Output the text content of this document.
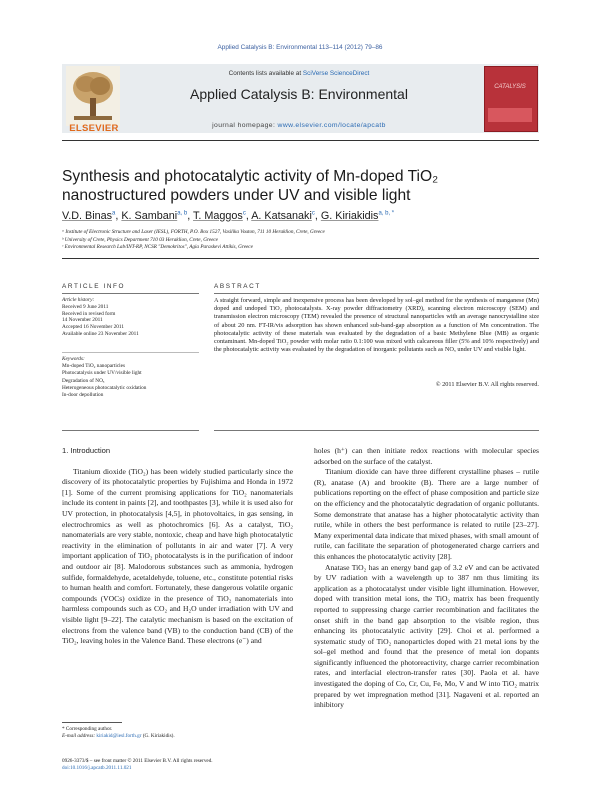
Applied Catalysis B: Environmental 113–114 (2012) 79–86
ELSEVIER
Contents lists available at SciVerse ScienceDirect
Applied Catalysis B: Environmental
journal homepage: www.elsevier.com/locate/apcatb
CATALYSIS
Synthesis and photocatalytic activity of Mn-doped TiO₂ nanostructured powders under UV and visible light
V.D. Binas$^a$, K. Sambani$^{a, b}$, T. Maggos$^c$, A. Katsanaki$^c$, G. Kiriakidis$^{a, b, *}$
ᵃ Institute of Electronic Structure and Laser (IESL), FORTH, P.O. Box 1527, Vasilika Vouton, 711 10 Heraklion, Crete, Greece
ᵇ University of Crete, Physics Department 710 03 Heraklion, Crete, Greece
ᶜ Environmental Research Lab/INT-RP, NCSR "Demokritos", Agia Paraskevi Attikis, Greece
ARTICLE INFO	ABSTRACT
Article history:
Received 9 June 2011
Received in revised form
14 November 2011
Accepted 16 November 2011
Available online 23 November 2011
Keywords:
Mn-doped TiO₂ nanoparticles
Photocatalysis under UV/visible light
Degradation of NOₓ
Heterogeneous photocatalytic oxidation
In-door depollution
A straight forward, simple and inexpensive process has been developed by sol–gel method for the synthesis of manganese (Mn) doped and undoped TiO₂ photocatalysts. X-ray powder diffractometry (XRD), scanning electron microscopy (SEM) and transmission electron microscopy (TEM) revealed the presence of structural nanoparticles with an average nanocrystalline size of about 20 nm. FT-IR/vis adsorption has shown enhanced sub-band-gap absorption as a function of Mn concentration. The photocatalytic activity of these materials was evaluated by the degradation of a basic Methylene Blue (MB) as organic contaminant. Mn-doped TiO₂ powder with molar ratio 0.1:100 was mixed with calcareous filler (5% and 10% respectively) and the photocatalytic activity was evaluated by the degradation of inorganic pollutants such as NOₓ under UV and visible light.
© 2011 Elsevier B.V. All rights reserved.
1. Introduction

Titanium dioxide (TiO₂) has been widely studied particularly since the discovery of its photocatalytic properties by Fujishima and Honda in 1972 [1]. Some of the current promising applications for TiO₂ nanomaterials include its content in paints [2], and toothpastes [3], while it is used also for UV protection, in photocatalysis [4,5], in photovoltaics, in gas sensing, in electrochromics as well as photochromics [6]. As a catalyst, TiO₂ nanomaterials are very stable, nontoxic, cheap and have high photocatalytic reactivity in the elimination of pollutants in air and water [7]. A very important application of TiO₂ photocatalysts is in the purification of indoor and outdoor air [8]. Malodorous substances such as ammonia, hydrogen sulfide, formaldehyde, acetaldehyde, toluene, etc., constitute potential risks to human health and comfort. Fortunately, these dangerous volatile organic compounds (VOCs) oxidize in the presence of TiO₂ nanomaterials into harmless compounds such as CO₂ and H₂O under irradiation with UV and visible light [9–22]. The catalytic mechanism is based on the excitation of electrons from the valence band (VB) to the conduction band (CB) of the TiO₂, leaving holes in the Valence Band. These electrons (e⁻) and

holes (h⁺) can then initiate redox reactions with molecular species adsorbed on the surface of the catalyst.

Titanium dioxide can have three different crystalline phases – rutile (R), anatase (A) and brookite (B). There are a large number of publications reporting on the effect of phase composition and particle size on the efficiency and the photocatalytic degradation of organic pollutants. Some demonstrate that anatase has a higher photocatalytic activity than rutile, while in others the best performance is related to rutile [23–27]. Many experimental data indicate that mixed phases, with small amount of rutile, can facilitate the separation of photogenerated charge carriers and this enhances the photocatalytic activity [28].

Anatase TiO₂ has an energy band gap of 3.2 eV and can be activated by UV radiation with a wavelength up to 387 nm thus limiting its application as a photocatalyst under visible light illumination. However, doped with transition metal ions, the TiO₂ matrix has been frequently reported to suppressing charge carrier recombination and facilitates the onset shift in the band gap absorption to the visible region, thus enhancing its photocatalytic activity [29]. Choi et al. performed a systematic study of TiO₂ nanoparticles doped with 21 metal ions by the sol–gel method and found that the presence of metal ion dopants significantly influenced the photoreactivity, charge carrier recombination rates, and interfacial electron-transfer rates [30]. Paola et al. have investigated the doping of Co, Cr, Cu, Fe, Mo, V and W into TiO₂ matrix prepared by wet impregnation method [31]. Nagaveni et al. reported an inhibitory

* Corresponding author.
E-mail address: kiriakid@iesl.forth.gr (G. Kiriakidis).
0926-3373/$ – see front matter © 2011 Elsevier B.V. All rights reserved.
doi:10.1016/j.apcatb.2011.11.021
